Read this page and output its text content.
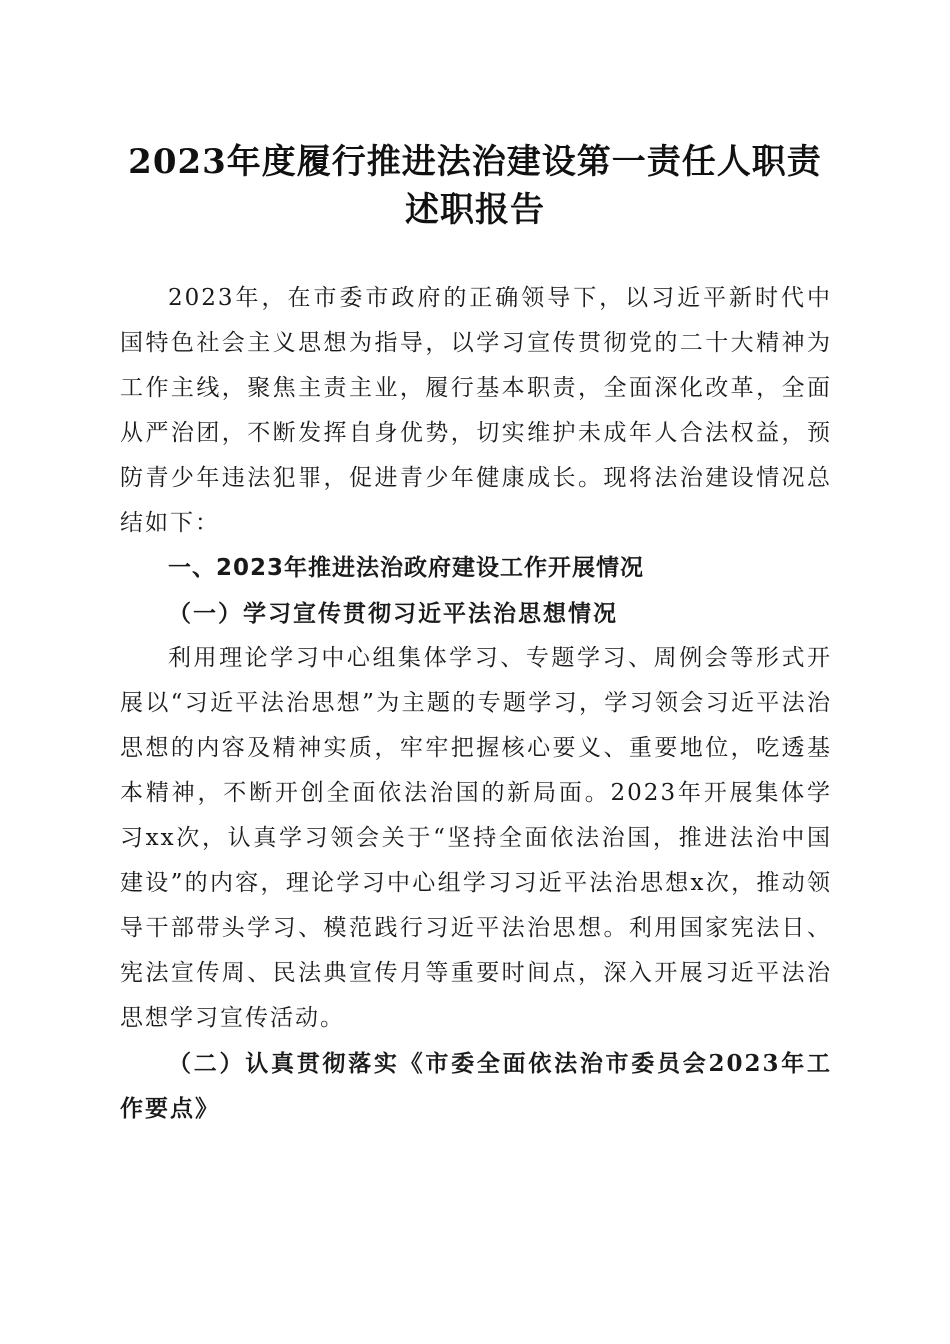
2023年度履行推进法治建设第一责任人职责
述职报告

2023年，在市委市政府的正确领导下，以习近平新时代中国特色社会主义思想为指导，以学习宣传贯彻党的二十大精神为工作主线，聚焦主责主业，履行基本职责，全面深化改革，全面从严治团，不断发挥自身优势，切实维护未成年人合法权益，预防青少年违法犯罪，促进青少年健康成长。现将法治建设情况总结如下：

一、2023年推进法治政府建设工作开展情况

（一）学习宣传贯彻习近平法治思想情况

利用理论学习中心组集体学习、专题学习、周例会等形式开展以“习近平法治思想”为主题的专题学习，学习领会习近平法治思想的内容及精神实质，牢牢把握核心要义、重要地位，吃透基本精神，不断开创全面依法治国的新局面。2023年开展集体学习xx次，认真学习领会关于“坚持全面依法治国，推进法治中国建设”的内容，理论学习中心组学习习近平法治思想x次，推动领导干部带头学习、模范践行习近平法治思想。利用国家宪法日、宪法宣传周、民法典宣传月等重要时间点，深入开展习近平法治思想学习宣传活动。

（二）认真贯彻落实《市委全面依法治市委员会2023年工作要点》
